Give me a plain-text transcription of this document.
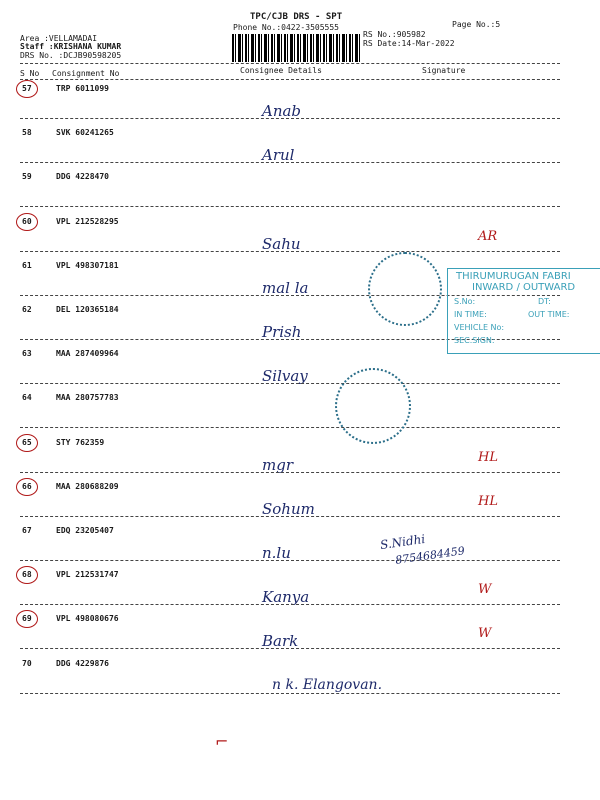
TPC/CJB DRS - SPT
Phone No.:0422-3505555	Page No.:5
Area :VELLAMADAI
Staff :KRISHANA KUMAR
DRS No. :DCJB90598205
RS No.:905982
RS Date:14-Mar-2022
S No Consignment No	Consignee Details	Signature
57	TRP 6011099
Anab
58	SVK 60241265
Arul
59	DDG 4228470
60	VPL 212528295
Sahu	AR
61	VPL 498307181
mal la
62	DEL 120365184
Prish
63	MAA 287409964
Silvay
64	MAA 280757783
65	STY 762359
mgr	HL
66	MAA 280688209
Sohum	HL
67	EDQ 23205407
n.lu
68	VPL 212531747
Kanya	W
69	VPL 498080676
Bark	W
70	DDG 4229876
n k. Elangovan.
S.Nidhi
8754684459
THIRUMURUGAN FABRI
INWARD / OUTWARD
S.No:	DT:
IN TIME:	OUT TIME:
VEHICLE No:
SEC.SIGN:
⌐
